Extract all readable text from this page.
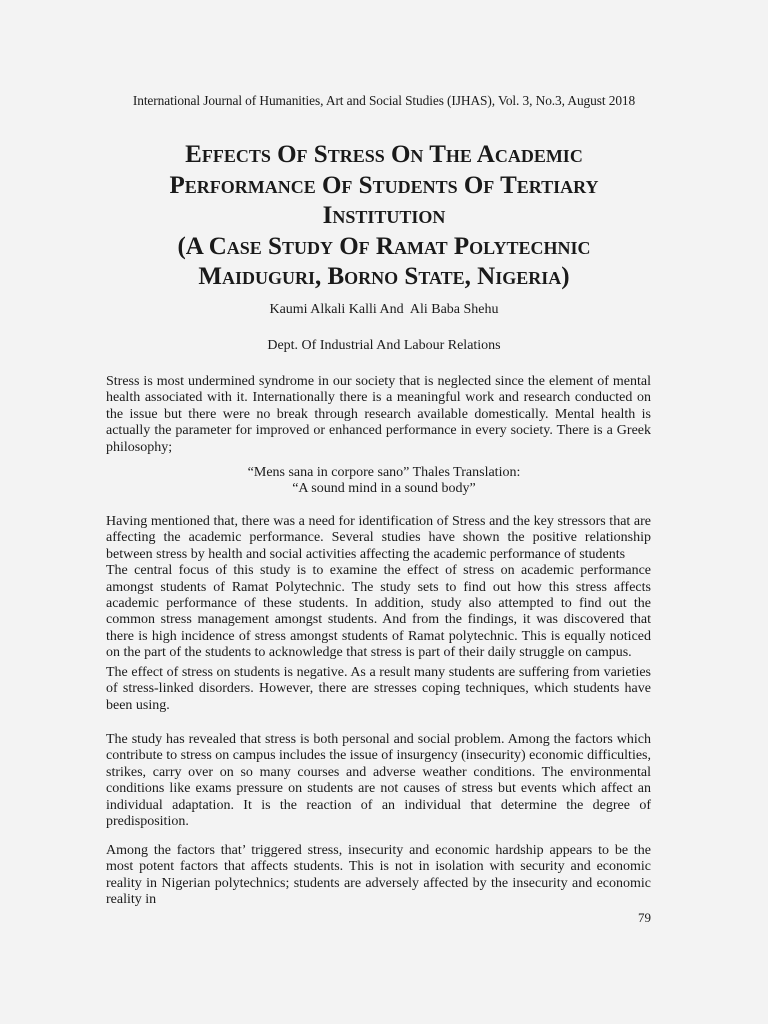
International Journal of Humanities, Art and Social Studies (IJHAS), Vol. 3, No.3, August 2018
Effects Of Stress On The Academic
Performance Of Students Of Tertiary
Institution
(A Case Study Of Ramat Polytechnic
Maiduguri, Borno State, Nigeria)
Kaumi Alkali Kalli And  Ali Baba Shehu
Dept. Of Industrial And Labour Relations

Stress is most undermined syndrome in our society that is neglected since the element of mental health associated with it. Internationally there is a meaningful work and research conducted on the issue but there were no break through research available domestically. Mental health is actually the parameter for improved or enhanced performance in every society. There is a Greek philosophy;

“Mens sana in corpore sano” Thales Translation:
“A sound mind in a sound body”

Having mentioned that, there was a need for identification of Stress and the key stressors that are affecting the academic performance. Several studies have shown the positive relationship between stress by health and social activities affecting the academic performance of students

The central focus of this study is to examine the effect of stress on academic performance amongst students of Ramat Polytechnic. The study sets to find out how this stress affects academic performance of these students. In addition, study also attempted to find out the common stress management amongst students. And from the findings, it was discovered that there is high incidence of stress amongst students of Ramat polytechnic. This is equally noticed on the part of the students to acknowledge that stress is part of their daily struggle on campus.

The effect of stress on students is negative. As a result many students are suffering from varieties of stress-linked disorders. However, there are stresses coping techniques, which students have been using.

The study has revealed that stress is both personal and social problem. Among the factors which contribute to stress on campus includes the issue of insurgency (insecurity) economic difficulties, strikes, carry over on so many courses and adverse weather conditions. The environmental conditions like exams pressure on students are not causes of stress but events which affect an individual adaptation. It is the reaction of an individual that determine the degree of predisposition.

Among the factors that’ triggered stress, insecurity and economic hardship appears to be the most potent factors that affects students. This is not in isolation with security and economic reality in Nigerian polytechnics; students are adversely affected by the insecurity and economic reality in

79
